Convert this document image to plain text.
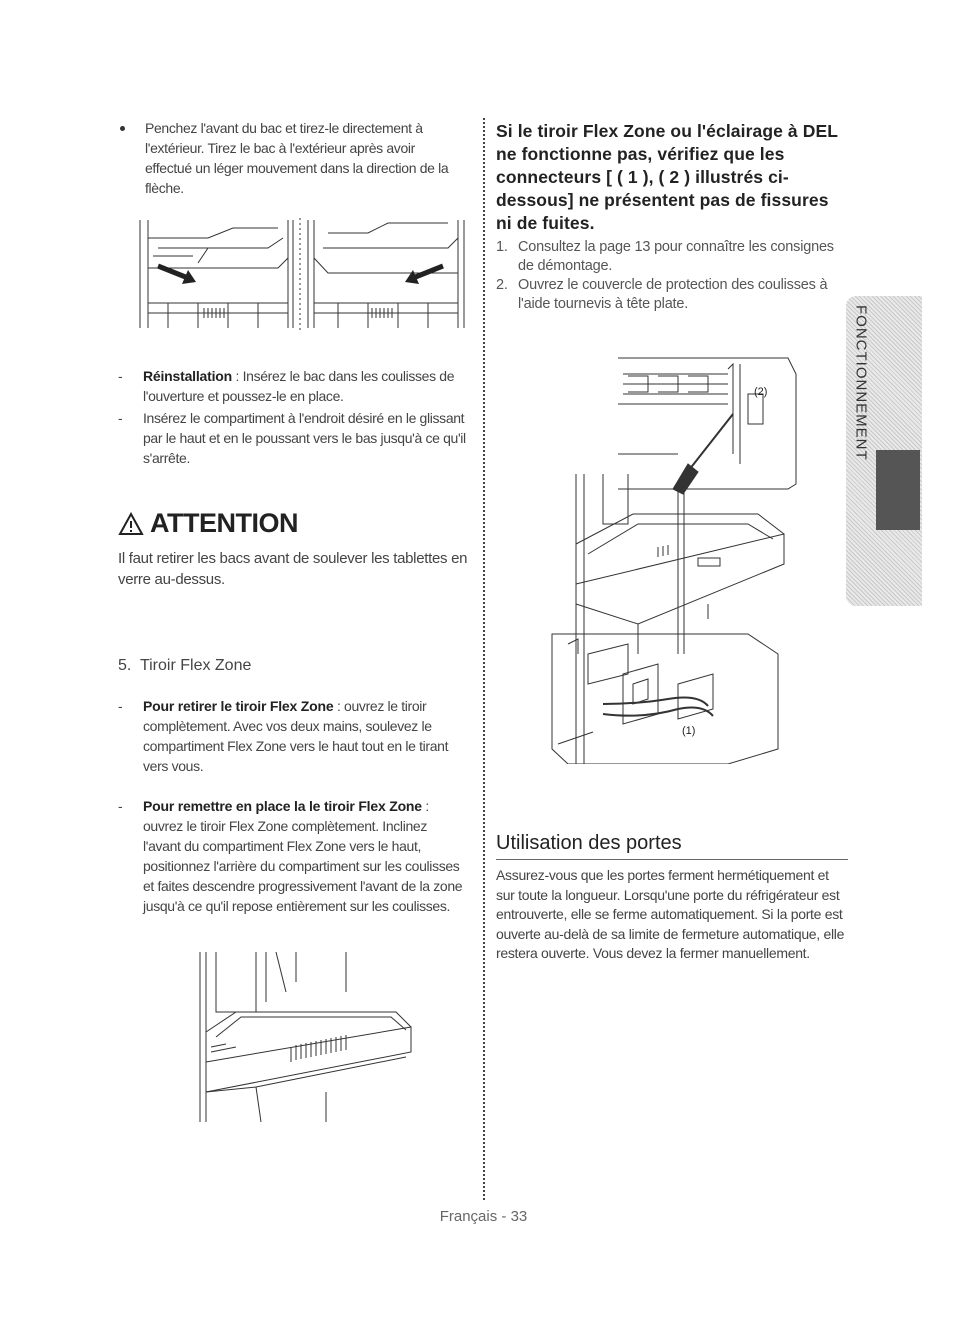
Penchez l'avant du bac et tirez-le directement à l'extérieur. Tirez le bac à l'extérieur après avoir effectué un léger mouvement dans la direction de la flèche.
- Réinstallation : Insérez le bac dans les coulisses de l'ouverture et poussez-le en place.
- Insérez le compartiment à l'endroit désiré en le glissant par le haut et en le poussant vers le bas jusqu'à ce qu'il s'arrête.
ATTENTION
Il faut retirer les bacs avant de soulever les tablettes en verre au-dessus.
5.  Tiroir Flex Zone
- Pour retirer le tiroir Flex Zone : ouvrez le tiroir complètement. Avec vos deux mains, soulevez le compartiment Flex Zone vers le haut tout en le tirant vers vous.
- Pour remettre en place la le tiroir Flex Zone : ouvrez le tiroir Flex Zone complètement. Inclinez l'avant du compartiment Flex Zone vers le haut, positionnez l'arrière du compartiment sur les coulisses et faites descendre progressivement l'avant de la zone jusqu'à ce qu'il repose entièrement sur les coulisses.
Si le tiroir Flex Zone ou l'éclairage à DEL ne fonctionne pas, vérifiez que les connecteurs [ ( 1 ), ( 2 ) illustrés ci-dessous] ne présentent pas de fissures ni de fuites.
1. Consultez la page 13 pour connaître les consignes de démontage.
2. Ouvrez le couvercle de protection des coulisses à l'aide tournevis à tête plate.
(2)
(1)
Utilisation des portes
Assurez-vous que les portes ferment hermétiquement et sur toute la longueur. Lorsqu'une porte du réfrigérateur est entrouverte, elle se ferme automatiquement. Si la porte est ouverte au-delà de sa limite de fermeture automatique, elle restera ouverte. Vous devez la fermer manuellement.
FONCTIONNEMENT
Français - 33
